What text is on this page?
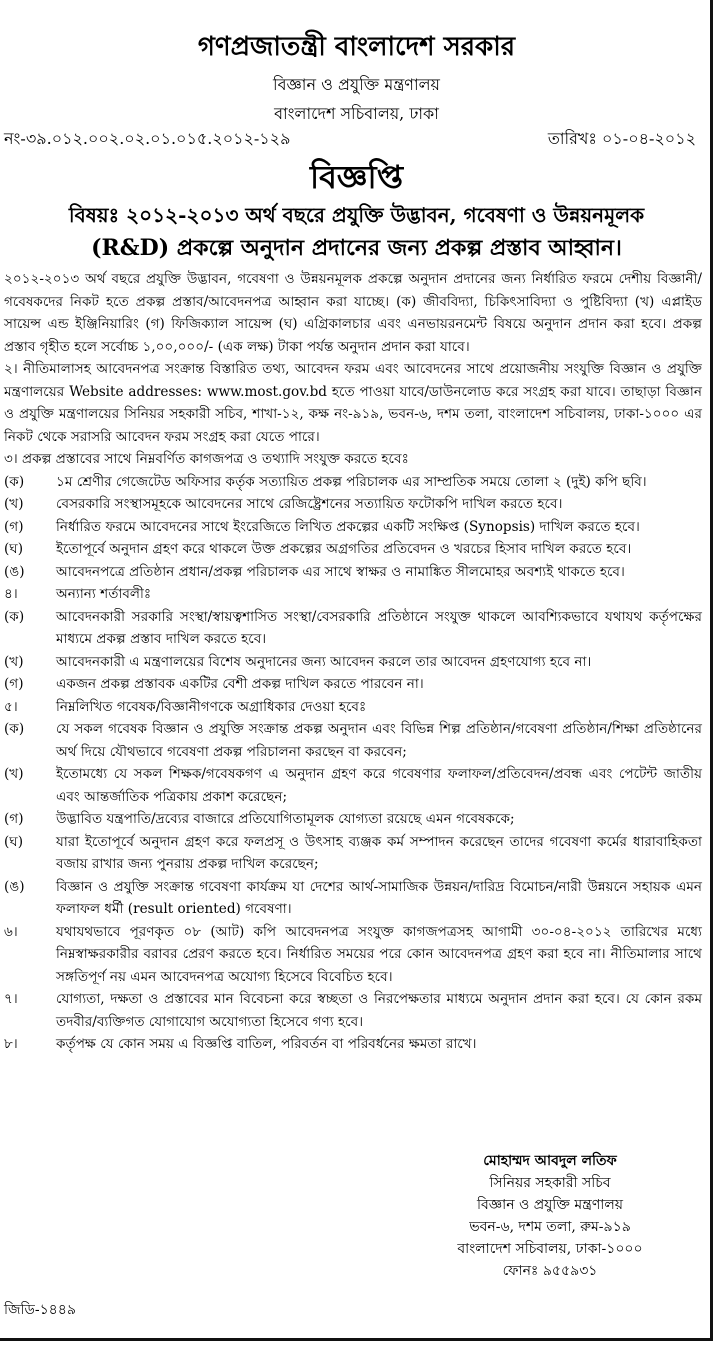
গণপ্রজাতন্ত্রী বাংলাদেশ সরকার
বিজ্ঞান ও প্রযুক্তি মন্ত্রণালয়
বাংলাদেশ সচিবালয়, ঢাকা
নং-৩৯.০১২.০০২.০২.০১.০১৫.২০১২-১২৯	তারিখঃ ০১-০৪-২০১২
বিজ্ঞপ্তি
বিষয়ঃ ২০১২-২০১৩ অর্থ বছরে প্রযুক্তি উদ্ভাবন, গবেষণা ও উন্নয়নমূলক
(R&D) প্রকল্পে অনুদান প্রদানের জন্য প্রকল্প প্রস্তাব আহ্বান।

২০১২-২০১৩ অর্থ বছরে প্রযুক্তি উদ্ভাবন, গবেষণা ও উন্নয়নমূলক প্রকল্পে অনুদান প্রদানের জন্য নির্ধারিত ফরমে দেশীয় বিজ্ঞানী/গবেষকদের নিকট হতে প্রকল্প প্রস্তাব/আবেদনপত্র আহ্বান করা যাচ্ছে। (ক) জীববিদ্যা, চিকিৎসাবিদ্যা ও পুষ্টিবিদ্যা (খ) এপ্লাইড সায়েন্স এন্ড ইঞ্জিনিয়ারিং (গ) ফিজিক্যাল সায়েন্স (ঘ) এগ্রিকালচার এবং এনভায়রনমেন্ট বিষয়ে অনুদান প্রদান করা হবে। প্রকল্প প্রস্তাব গৃহীত হলে সর্বোচ্চ ১,০০,০০০/- (এক লক্ষ) টাকা পর্যন্ত অনুদান প্রদান করা যাবে।

২। নীতিমালাসহ আবেদনপত্র সংক্রান্ত বিস্তারিত তথ্য, আবেদন ফরম এবং আবেদনের সাথে প্রয়োজনীয় সংযুক্তি বিজ্ঞান ও প্রযুক্তি মন্ত্রণালয়ের Website addresses: www.most.gov.bd হতে পাওয়া যাবে/ডাউনলোড করে সংগ্রহ করা যাবে। তাছাড়া বিজ্ঞান ও প্রযুক্তি মন্ত্রণালয়ের সিনিয়র সহকারী সচিব, শাখা-১২, কক্ষ নং-৯১৯, ভবন-৬, দশম তলা, বাংলাদেশ সচিবালয়, ঢাকা-১০০০ এর নিকট থেকে সরাসরি আবেদন ফরম সংগ্রহ করা যেতে পারে।

৩। প্রকল্প প্রস্তাবের সাথে নিম্নবর্ণিত কাগজপত্র ও তথ্যাদি সংযুক্ত করতে হবেঃ

(ক)	১ম শ্রেণীর গেজেটেড অফিসার কর্তৃক সত্যায়িত প্রকল্প পরিচালক এর সাম্প্রতিক সময়ে তোলা ২ (দুই) কপি ছবি।
(খ)	বেসরকারি সংস্থাসমূহকে আবেদনের সাথে রেজিষ্ট্রেশনের সত্যায়িত ফটোকপি দাখিল করতে হবে।
(গ)	নির্ধারিত ফরমে আবেদনের সাথে ইংরেজিতে লিখিত প্রকল্পের একটি সংক্ষিপ্ত (Synopsis) দাখিল করতে হবে।
(ঘ)	ইতোপূর্বে অনুদান গ্রহণ করে থাকলে উক্ত প্রকল্পের অগ্রগতির প্রতিবেদন ও খরচের হিসাব দাখিল করতে হবে।
(ঙ)	আবেদনপত্রে প্রতিষ্ঠান প্রধান/প্রকল্প পরিচালক এর সাথে স্বাক্ষর ও নামাঙ্কিত সীলমোহর অবশ্যই থাকতে হবে।
৪।	অন্যান্য শর্তাবলীঃ
(ক)	আবেদনকারী সরকারি সংস্থা/স্বায়ত্বশাসিত সংস্থা/বেসরকারি প্রতিষ্ঠানে সংযুক্ত থাকলে আবশ্যিকভাবে যথাযথ কর্তৃপক্ষের মাধ্যমে প্রকল্প প্রস্তাব দাখিল করতে হবে।
(খ)	আবেদনকারী এ মন্ত্রণালয়ের বিশেষ অনুদানের জন্য আবেদন করলে তার আবেদন গ্রহণযোগ্য হবে না।
(গ)	একজন প্রকল্প প্রস্তাবক একটির বেশী প্রকল্প দাখিল করতে পারবেন না।
৫।	নিম্নলিখিত গবেষক/বিজ্ঞানীগণকে অগ্রাধিকার দেওয়া হবেঃ
(ক)	যে সকল গবেষক বিজ্ঞান ও প্রযুক্তি সংক্রান্ত প্রকল্প অনুদান এবং বিভিন্ন শিল্প প্রতিষ্ঠান/গবেষণা প্রতিষ্ঠান/শিক্ষা প্রতিষ্ঠানের অর্থ দিয়ে যৌথভাবে গবেষণা প্রকল্প পরিচালনা করছেন বা করবেন;
(খ)	ইতোমধ্যে যে সকল শিক্ষক/গবেষকগণ এ অনুদান গ্রহণ করে গবেষণার ফলাফল/প্রতিবেদন/প্রবন্ধ এবং পেটেন্ট জাতীয় এবং আন্তর্জাতিক পত্রিকায় প্রকাশ করেছেন;
(গ)	উদ্ভাবিত যন্ত্রপাতি/দ্রব্যের বাজারে প্রতিযোগিতামূলক যোগ্যতা রয়েছে এমন গবেষককে;
(ঘ)	যারা ইতোপূর্বে অনুদান গ্রহণ করে ফলপ্রসূ ও উৎসাহ ব্যঞ্জক কর্ম সম্পাদন করেছেন তাদের গবেষণা কর্মের ধারাবাহিকতা বজায় রাখার জন্য পুনরায় প্রকল্প দাখিল করেছেন;
(ঙ)	বিজ্ঞান ও প্রযুক্তি সংক্রান্ত গবেষণা কার্যক্রম যা দেশের আর্থ-সামাজিক উন্নয়ন/দারিদ্র বিমোচন/নারী উন্নয়নে সহায়ক এমন ফলাফল ধর্মী (result oriented) গবেষণা।
৬।	যথাযথভাবে পূরণকৃত ০৮ (আট) কপি আবেদনপত্র সংযুক্ত কাগজপত্রসহ আগামী ৩০-০৪-২০১২ তারিখের মধ্যে নিম্নস্বাক্ষরকারীর বরাবর প্রেরণ করতে হবে। নির্ধারিত সময়ের পরে কোন আবেদনপত্র গ্রহণ করা হবে না। নীতিমালার সাথে সঙ্গতিপূর্ণ নয় এমন আবেদনপত্র অযোগ্য হিসেবে বিবেচিত হবে।
৭।	যোগ্যতা, দক্ষতা ও প্রস্তাবের মান বিবেচনা করে স্বচ্ছতা ও নিরপেক্ষতার মাধ্যমে অনুদান প্রদান করা হবে। যে কোন রকম তদবীর/ব্যক্তিগত যোগাযোগ অযোগ্যতা হিসেবে গণ্য হবে।
৮।	কর্তৃপক্ষ যে কোন সময় এ বিজ্ঞপ্তি বাতিল, পরিবর্তন বা পরিবর্ধনের ক্ষমতা রাখে।
মোহাম্মদ আবদুল লতিফ
সিনিয়র সহকারী সচিব
বিজ্ঞান ও প্রযুক্তি মন্ত্রণালয়
ভবন-৬, দশম তলা, রুম-৯১৯
বাংলাদেশ সচিবালয়, ঢাকা-১০০০
ফোনঃ ৯৫৫৯৩১
জিডি-১৪৪৯
